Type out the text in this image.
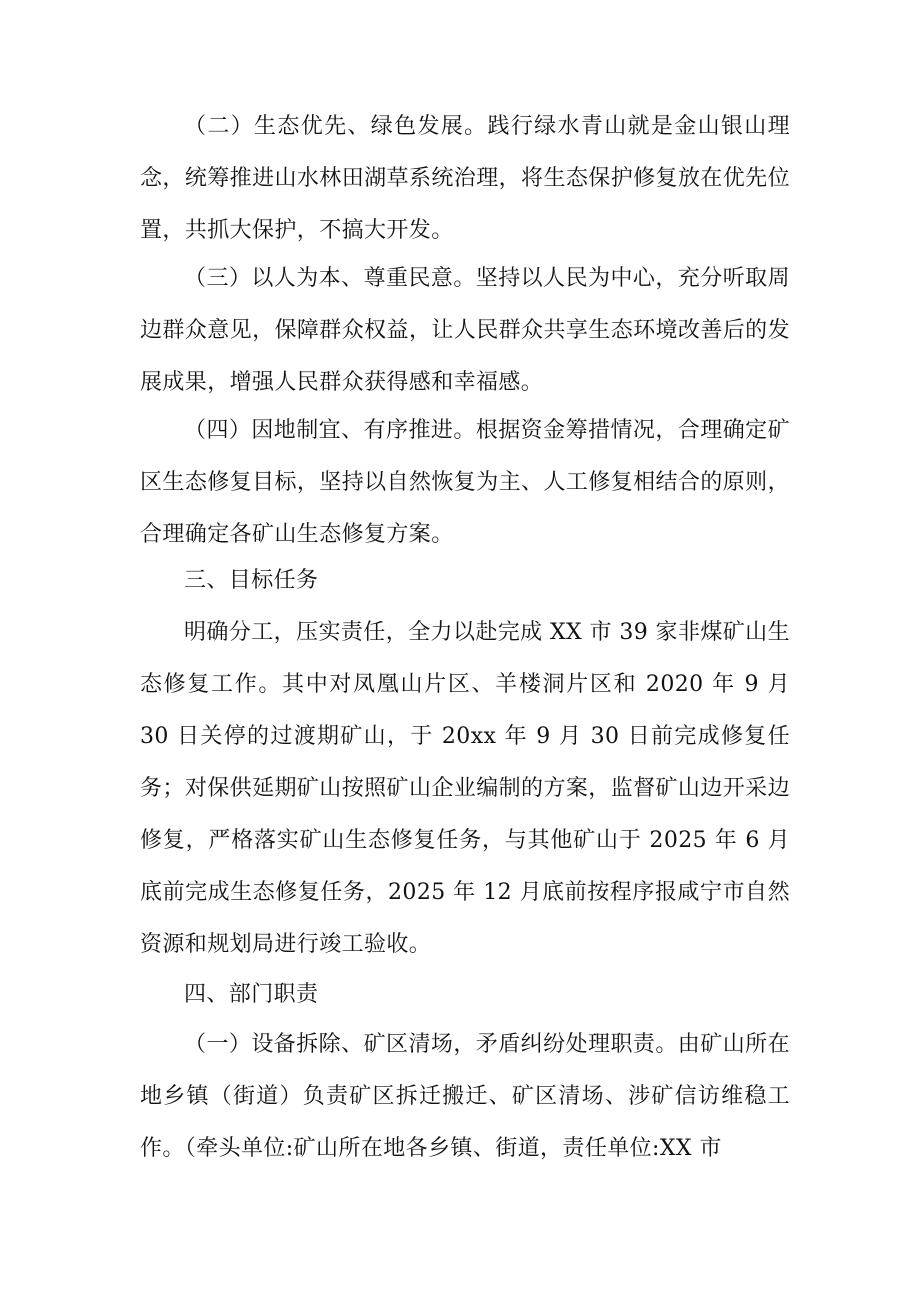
（二）生态优先、绿色发展。践行绿水青山就是金山银山理念，统筹推进山水林田湖草系统治理，将生态保护修复放在优先位置，共抓大保护，不搞大开发。

（三）以人为本、尊重民意。坚持以人民为中心，充分听取周边群众意见，保障群众权益，让人民群众共享生态环境改善后的发展成果，增强人民群众获得感和幸福感。

（四）因地制宜、有序推进。根据资金筹措情况，合理确定矿区生态修复目标，坚持以自然恢复为主、人工修复相结合的原则，合理确定各矿山生态修复方案。

三、目标任务

明确分工，压实责任，全力以赴完成 XX 市 39 家非煤矿山生态修复工作。其中对凤凰山片区、羊楼洞片区和 2020 年 9 月 30 日关停的过渡期矿山，于 20xx 年 9 月 30 日前完成修复任务；对保供延期矿山按照矿山企业编制的方案，监督矿山边开采边修复，严格落实矿山生态修复任务，与其他矿山于 2025 年 6 月底前完成生态修复任务，2025 年 12 月底前按程序报咸宁市自然资源和规划局进行竣工验收。

四、部门职责

（一）设备拆除、矿区清场，矛盾纠纷处理职责。由矿山所在地乡镇（街道）负责矿区拆迁搬迁、矿区清场、涉矿信访维稳工作。（牵头单位:矿山所在地各乡镇、街道，责任单位:XX 市
